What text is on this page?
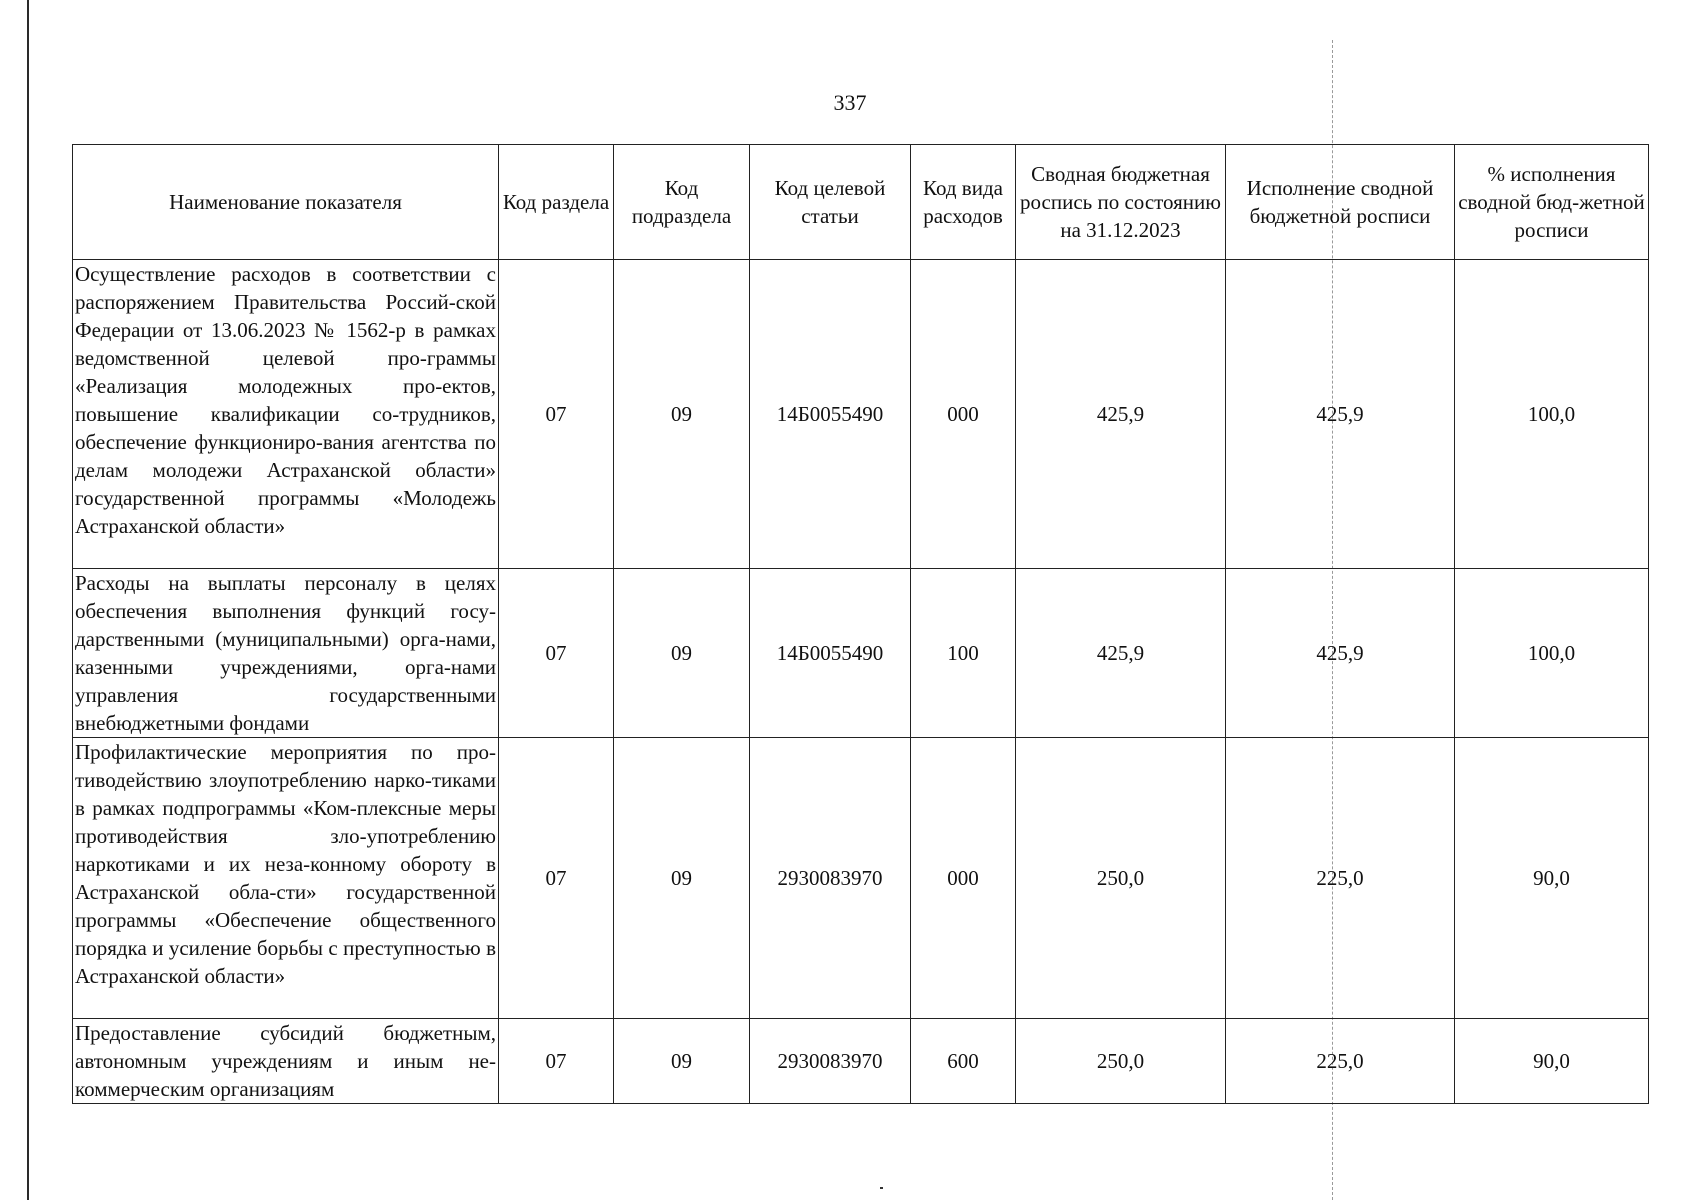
337
Наименование показателя	Код раздела	Код подраздела	Код целевой статьи	Код вида расходов	Сводная бюджетная роспись по состоянию на 31.12.2023	Исполнение сводной бюджетной росписи	% исполнения сводной бюд-жетной росписи
Осуществление расходов в соответствии с распоряжением Правительства Россий-ской Федерации от 13.06.2023 № 1562-р в рамках ведомственной целевой про-граммы «Реализация молодежных про-ектов, повышение квалификации со-трудников, обеспечение функциониро-вания агентства по делам молодежи Астраханской области» государственной программы «Молодежь Астраханской области»	07	09	14Б0055490	000	425,9	425,9	100,0
Расходы на выплаты персоналу в целях обеспечения выполнения функций госу-дарственными (муниципальными) орга-нами, казенными учреждениями, орга-нами управления государственными внебюджетными фондами	07	09	14Б0055490	100	425,9	425,9	100,0
Профилактические мероприятия по про-тиводействию злоупотреблению нарко-тиками в рамках подпрограммы «Ком-плексные меры противодействия зло-употреблению наркотиками и их неза-конному обороту в Астраханской обла-сти» государственной программы «Обеспечение общественного порядка и усиление борьбы с преступностью в Астраханской области»	07	09	2930083970	000	250,0	225,0	90,0
Предоставление субсидий бюджетным, автономным учреждениям и иным не-коммерческим организациям	07	09	2930083970	600	250,0	225,0	90,0
